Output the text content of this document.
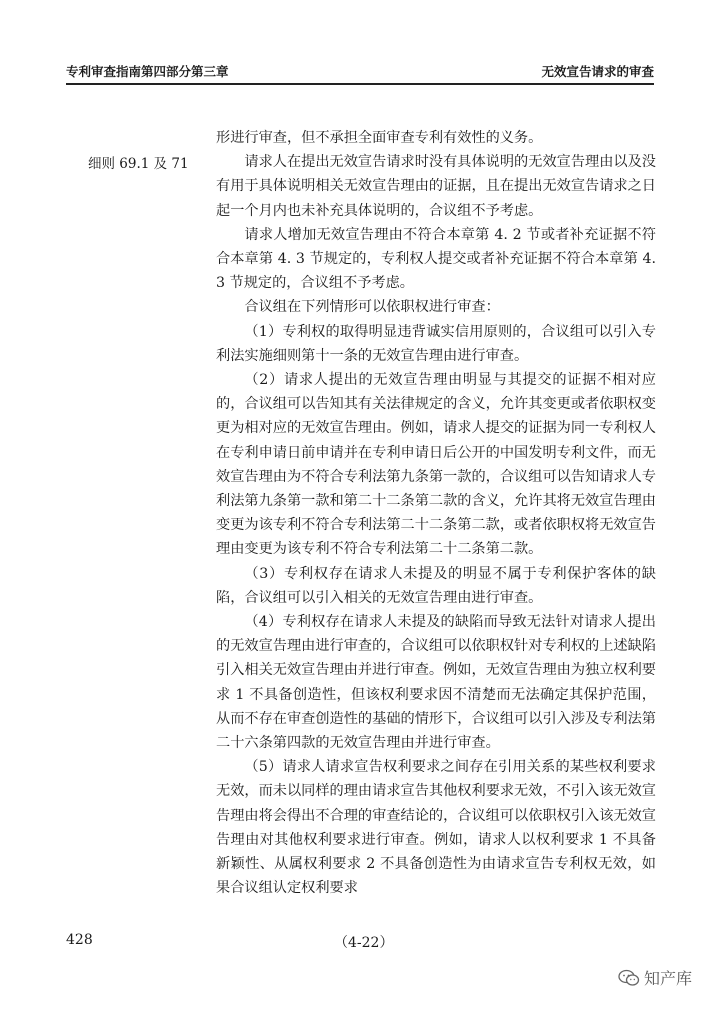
专利审查指南第四部分第三章	无效宣告请求的审查
细则 69.1 及 71

形进行审查，但不承担全面审查专利有效性的义务。

请求人在提出无效宣告请求时没有具体说明的无效宣告理由以及没有用于具体说明相关无效宣告理由的证据，且在提出无效宣告请求之日起一个月内也未补充具体说明的，合议组不予考虑。

请求人增加无效宣告理由不符合本章第 4. 2 节或者补充证据不符合本章第 4. 3 节规定的，专利权人提交或者补充证据不符合本章第 4. 3 节规定的，合议组不予考虑。

合议组在下列情形可以依职权进行审查：

（1）专利权的取得明显违背诚实信用原则的，合议组可以引入专利法实施细则第十一条的无效宣告理由进行审查。

（2）请求人提出的无效宣告理由明显与其提交的证据不相对应的，合议组可以告知其有关法律规定的含义，允许其变更或者依职权变更为相对应的无效宣告理由。例如，请求人提交的证据为同一专利权人在专利申请日前申请并在专利申请日后公开的中国发明专利文件，而无效宣告理由为不符合专利法第九条第一款的，合议组可以告知请求人专利法第九条第一款和第二十二条第二款的含义，允许其将无效宣告理由变更为该专利不符合专利法第二十二条第二款，或者依职权将无效宣告理由变更为该专利不符合专利法第二十二条第二款。

（3）专利权存在请求人未提及的明显不属于专利保护客体的缺陷，合议组可以引入相关的无效宣告理由进行审查。

（4）专利权存在请求人未提及的缺陷而导致无法针对请求人提出的无效宣告理由进行审查的，合议组可以依职权针对专利权的上述缺陷引入相关无效宣告理由并进行审查。例如，无效宣告理由为独立权利要求 1 不具备创造性，但该权利要求因不清楚而无法确定其保护范围，从而不存在审查创造性的基础的情形下，合议组可以引入涉及专利法第二十六条第四款的无效宣告理由并进行审查。

（5）请求人请求宣告权利要求之间存在引用关系的某些权利要求无效，而未以同样的理由请求宣告其他权利要求无效，不引入该无效宣告理由将会得出不合理的审查结论的，合议组可以依职权引入该无效宣告理由对其他权利要求进行审查。例如，请求人以权利要求 1 不具备新颖性、从属权利要求 2 不具备创造性为由请求宣告专利权无效，如果合议组认定权利要求

428	（4-22）
知产库
